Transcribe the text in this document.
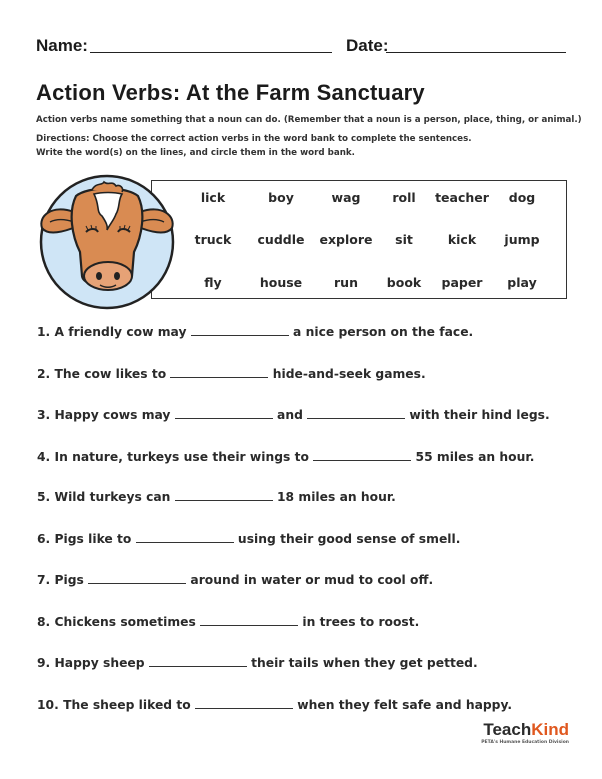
Name:	Date:
Action Verbs: At the Farm Sanctuary
Action verbs name something that a noun can do. (Remember that a noun is a person, place, thing, or animal.)
Directions: Choose the correct action verbs in the word bank to complete the sentences.
Write the word(s) on the lines, and circle them in the word bank.
lick	boy	wag	roll	teacher	dog
truck	cuddle	explore	sit	kick	jump
fly	house	run	book	paper	play
1. A friendly cow may	a nice person on the face.
2. The cow likes to	hide-and-seek games.
3. Happy cows may	and	with their hind legs.
4. In nature, turkeys use their wings to	55 miles an hour.
5. Wild turkeys can	18 miles an hour.
6. Pigs like to	using their good sense of smell.
7. Pigs	around in water or mud to cool off.
8. Chickens sometimes	in trees to roost.
9. Happy sheep	their tails when they get petted.
10. The sheep liked to	when they felt safe and happy.
TeachKind
PETA's Humane Education Division
